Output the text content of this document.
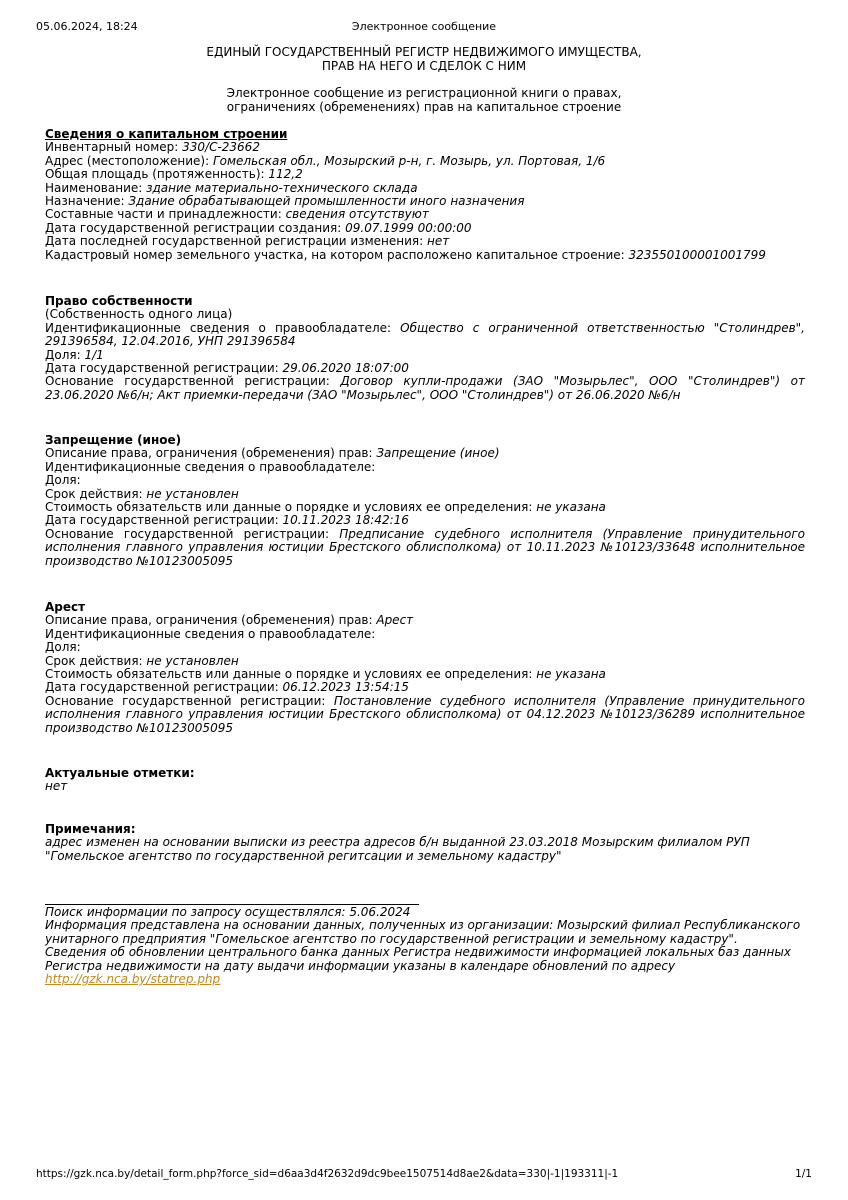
05.06.2024, 18:24	Электронное сообщение
ЕДИНЫЙ ГОСУДАРСТВЕННЫЙ РЕГИСТР НЕДВИЖИМОГО ИМУЩЕСТВА,
ПРАВ НА НЕГО И СДЕЛОК С НИМ
Электронное сообщение из регистрационной книги о правах,
ограничениях (обременениях) прав на капитальное строение

Сведения о капитальном строении

Инвентарный номер: 330/С-23662

Адрес (местоположение): Гомельская обл., Мозырский р-н, г. Мозырь, ул. Портовая, 1/6

Общая площадь (протяженность): 112,2

Наименование: здание материально-технического склада

Назначение: Здание обрабатывающей промышленности иного назначения

Составные части и принадлежности: сведения отсутствуют

Дата государственной регистрации создания: 09.07.1999 00:00:00

Дата последней государственной регистрации изменения: нет

Кадастровый номер земельного участка, на котором расположено капитальное строение: 323550100001001799

Право собственности

(Собственность одного лица)

Идентификационные сведения о правообладателе: Общество с ограниченной ответственностью "Столиндрев", 291396584, 12.04.2016, УНП 291396584

Доля: 1/1

Дата государственной регистрации: 29.06.2020 18:07:00

Основание государственной регистрации: Договор купли-продажи (ЗАО "Мозырьлес", ООО "Столиндрев") от 23.06.2020 №6/н; Акт приемки-передачи (ЗАО "Мозырьлес", ООО "Столиндрев") от 26.06.2020 №6/н

Запрещение (иное)

Описание права, ограничения (обременения) прав: Запрещение (иное)

Идентификационные сведения о правообладателе:

Доля:

Срок действия: не установлен

Стоимость обязательств или данные о порядке и условиях ее определения: не указана

Дата государственной регистрации: 10.11.2023 18:42:16

Основание государственной регистрации: Предписание судебного исполнителя (Управление принудительного исполнения главного управления юстиции Брестского облисполкома) от 10.11.2023 №10123/33648 исполнительное производство №10123005095

Арест

Описание права, ограничения (обременения) прав: Арест

Идентификационные сведения о правообладателе:

Доля:

Срок действия: не установлен

Стоимость обязательств или данные о порядке и условиях ее определения: не указана

Дата государственной регистрации: 06.12.2023 13:54:15

Основание государственной регистрации: Постановление судебного исполнителя (Управление принудительного исполнения главного управления юстиции Брестского облисполкома) от 04.12.2023 №10123/36289 исполнительное производство №10123005095

Актуальные отметки:

нет

Примечания:

адрес изменен на основании выписки из реестра адресов б/н выданной 23.03.2018 Мозырским филиалом РУП

"Гомельское агентство по государственной регитсации и земельному кадастру"

Поиск информации по запросу осуществлялся: 5.06.2024

Информация представлена на основании данных, полученных из организации: Мозырский филиал Республиканского

унитарного предприятия "Гомельское агентство по государственной регистрации и земельному кадастру".

Сведения об обновлении центрального банка данных Регистра недвижимости информацией локальных баз данных

Регистра недвижимости на дату выдачи информации указаны в календаре обновлений по адресу

http://gzk.nca.by/statrep.php

https://gzk.nca.by/detail_form.php?force_sid=d6aa3d4f2632d9dc9bee1507514d8ae2&data=330|-1|193311|-1	1/1
